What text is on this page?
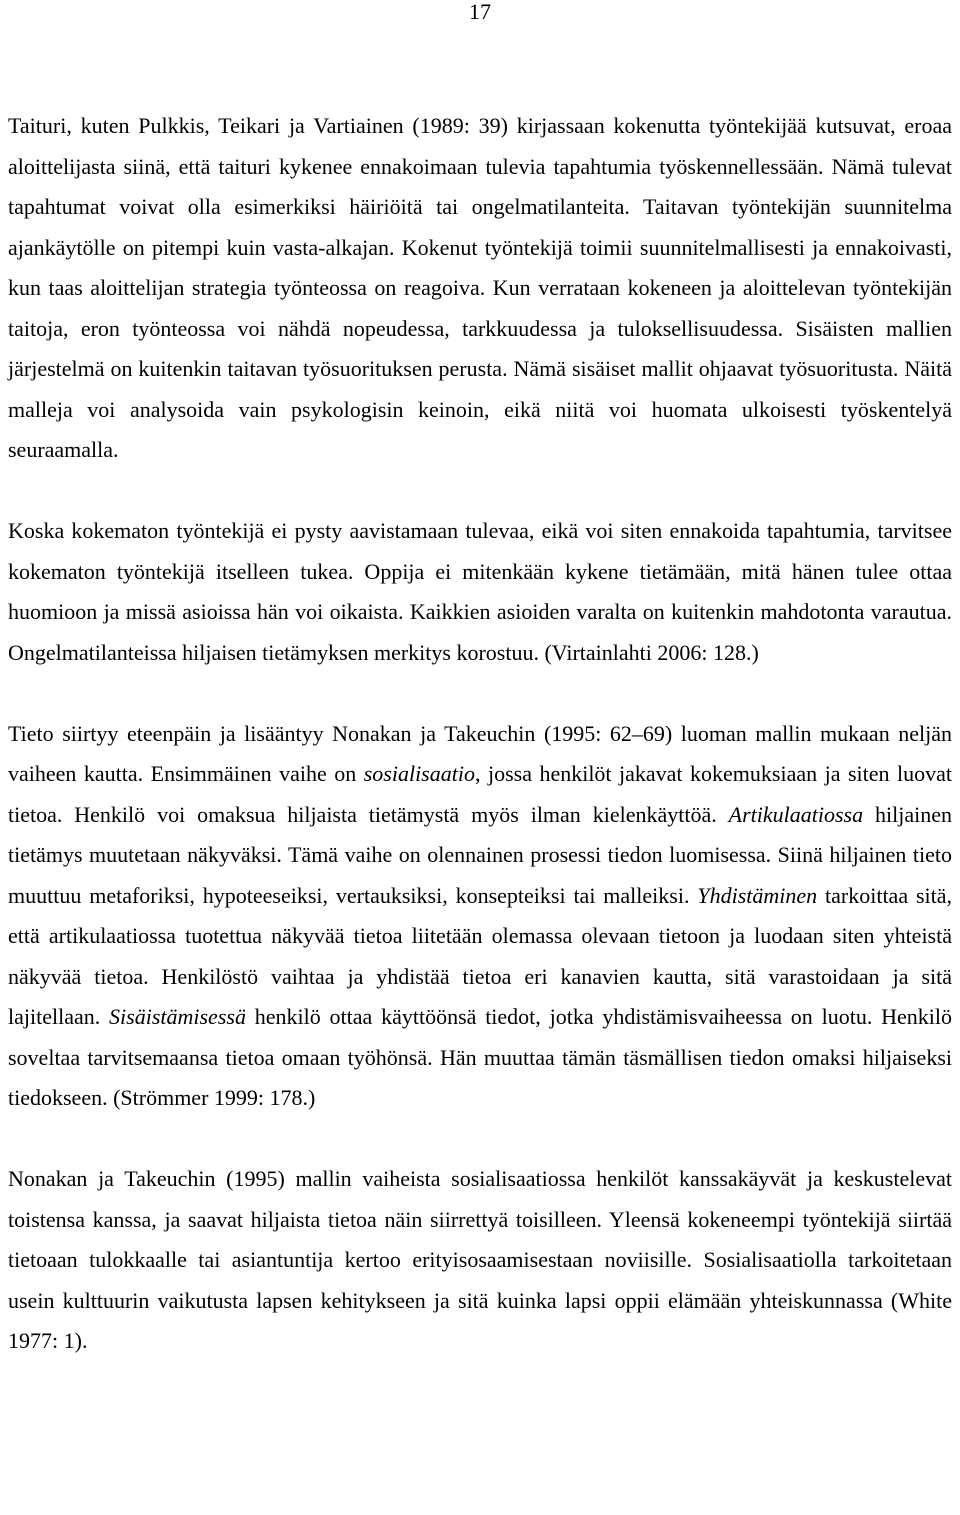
17

Taituri, kuten Pulkkis, Teikari ja Vartiainen (1989: 39) kirjassaan kokenutta työntekijää kutsuvat, eroaa aloittelijasta siinä, että taituri kykenee ennakoimaan tulevia tapahtumia työskennellessään. Nämä tulevat tapahtumat voivat olla esimerkiksi häiriöitä tai ongelmatilanteita. Taitavan työntekijän suunnitelma ajankäytölle on pitempi kuin vasta-alkajan. Kokenut työntekijä toimii suunnitelmallisesti ja ennakoivasti, kun taas aloittelijan strategia työnteossa on reagoiva. Kun verrataan kokeneen ja aloittelevan työntekijän taitoja, eron työnteossa voi nähdä nopeudessa, tarkkuudessa ja tuloksellisuudessa. Sisäisten mallien järjestelmä on kuitenkin taitavan työsuorituksen perusta. Nämä sisäiset mallit ohjaavat työsuoritusta. Näitä malleja voi analysoida vain psykologisin keinoin, eikä niitä voi huomata ulkoisesti työskentelyä seuraamalla.

Koska kokematon työntekijä ei pysty aavistamaan tulevaa, eikä voi siten ennakoida tapahtumia, tarvitsee kokematon työntekijä itselleen tukea. Oppija ei mitenkään kykene tietämään, mitä hänen tulee ottaa huomioon ja missä asioissa hän voi oikaista. Kaikkien asioiden varalta on kuitenkin mahdotonta varautua. Ongelmatilanteissa hiljaisen tietämyksen merkitys korostuu. (Virtainlahti 2006: 128.)

Tieto siirtyy eteenpäin ja lisääntyy Nonakan ja Takeuchin (1995: 62–69) luoman mallin mukaan neljän vaiheen kautta. Ensimmäinen vaihe on sosialisaatio, jossa henkilöt jakavat kokemuksiaan ja siten luovat tietoa. Henkilö voi omaksua hiljaista tietämystä myös ilman kielenkäyttöä. Artikulaatiossa hiljainen tietämys muutetaan näkyväksi. Tämä vaihe on olennainen prosessi tiedon luomisessa. Siinä hiljainen tieto muuttuu metaforiksi, hypoteeseiksi, vertauksiksi, konsepteiksi tai malleiksi. Yhdistäminen tarkoittaa sitä, että artikulaatiossa tuotettua näkyvää tietoa liitetään olemassa olevaan tietoon ja luodaan siten yhteistä näkyvää tietoa. Henkilöstö vaihtaa ja yhdistää tietoa eri kanavien kautta, sitä varastoidaan ja sitä lajitellaan. Sisäistämisessä henkilö ottaa käyttöönsä tiedot, jotka yhdistämisvaiheessa on luotu. Henkilö soveltaa tarvitsemaansa tietoa omaan työhönsä. Hän muuttaa tämän täsmällisen tiedon omaksi hiljaiseksi tiedokseen. (Strömmer 1999: 178.)

Nonakan ja Takeuchin (1995) mallin vaiheista sosialisaatiossa henkilöt kanssakäyvät ja keskustelevat toistensa kanssa, ja saavat hiljaista tietoa näin siirrettyä toisilleen. Yleensä kokeneempi työntekijä siirtää tietoaan tulokkaalle tai asiantuntija kertoo erityisosaamisestaan noviisille. Sosialisaatiolla tarkoitetaan usein kulttuurin vaikutusta lapsen kehitykseen ja sitä kuinka lapsi oppii elämään yhteiskunnassa (White 1977: 1).
